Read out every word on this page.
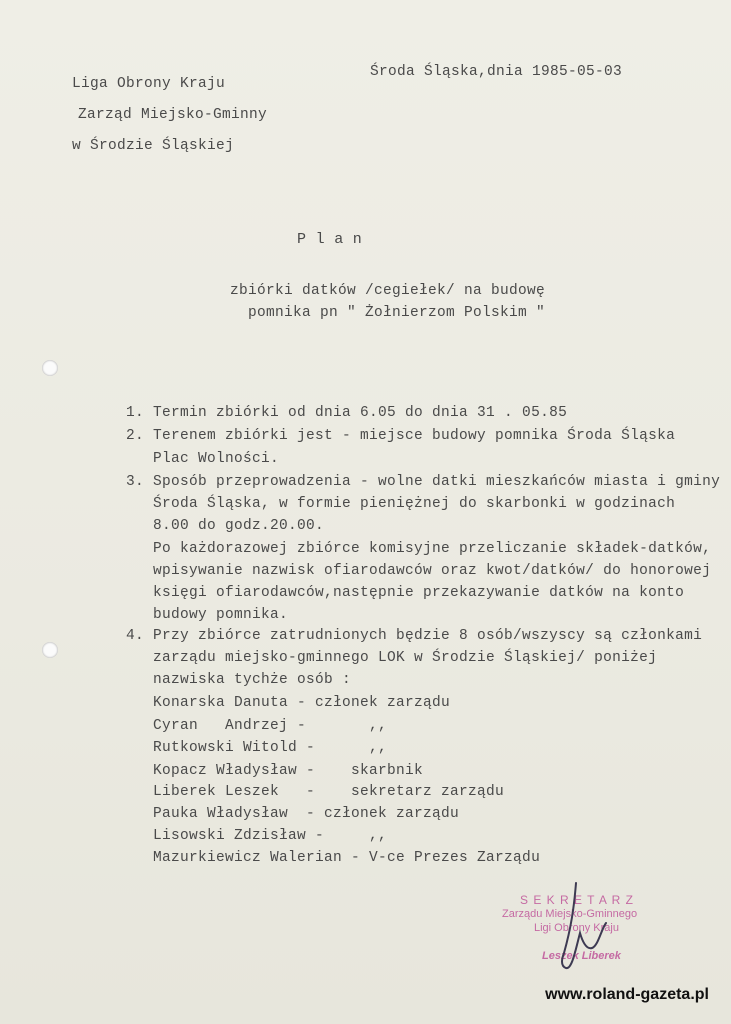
Liga Obrony Kraju
Zarząd Miejsko-Gminny
w Środzie Śląskiej
Środa Śląska,dnia 1985-05-03
P l a n
zbiórki datków /cegiełek/ na budowę
pomnika pn " Żołnierzom Polskim "
1. Termin zbiórki od dnia 6.05 do dnia 31 . 05.85
2. Terenem zbiórki jest - miejsce budowy pomnika Środa Śląska
Plac Wolności.
3. Sposób przeprowadzenia - wolne datki mieszkańców miasta i gminy
Środa Śląska, w formie pieniężnej do skarbonki w godzinach
8.00 do godz.20.00.
Po każdorazowej zbiórce komisyjne przeliczanie składek-datków,
wpisywanie nazwisk ofiarodawców oraz kwot/datków/ do honorowej
księgi ofiarodawców,następnie przekazywanie datków na konto
budowy pomnika.
4. Przy zbiórce zatrudnionych będzie 8 osób/wszyscy są członkami
zarządu miejsko-gminnego LOK w Środzie Śląskiej/ poniżej
nazwiska tychże osób :
Konarska Danuta - członek zarządu
Cyran   Andrzej -       ,,
Rutkowski Witold -      ,,
Kopacz Władysław -    skarbnik
Liberek Leszek   -    sekretarz zarządu
Pauka Władysław  - członek zarządu
Lisowski Zdzisław -     ,,
Mazurkiewicz Walerian - V-ce Prezes Zarządu
S E K R E T A R Z
Zarządu Miejsko-Gminnego
Ligi Obrony Kraju
Leszek Liberek
www.roland-gazeta.pl
